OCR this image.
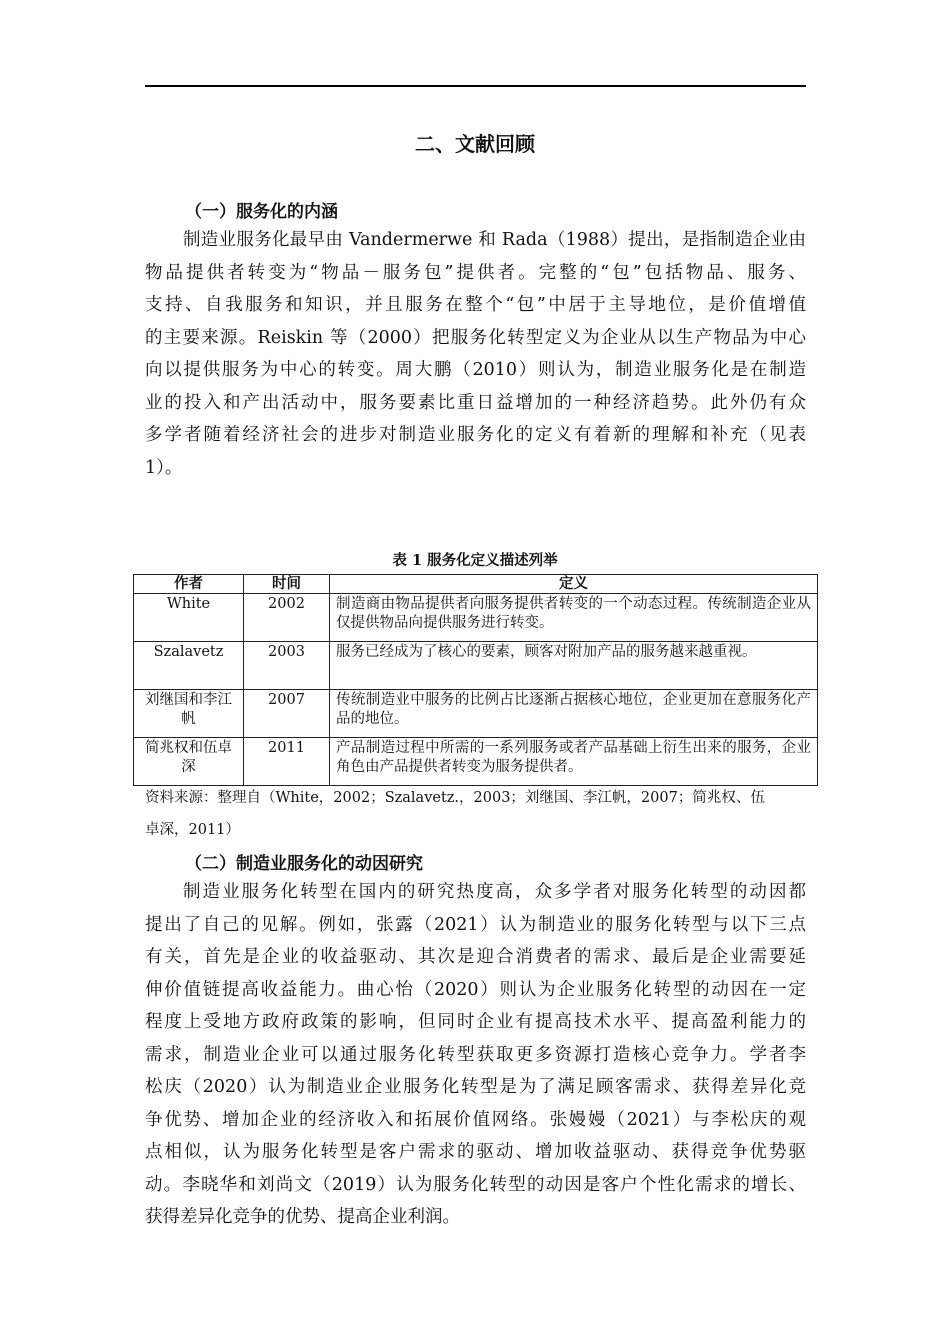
二、文献回顾
（一）服务化的内涵
制造业服务化最早由 Vandermerwe 和 Rada（1988）提出，是指制造企业由
物品提供者转变为“物品－服务包”提供者。完整的“包”包括物品、服务、
支持、自我服务和知识，并且服务在整个“包”中居于主导地位，是价值增值
的主要来源。Reiskin 等（2000）把服务化转型定义为企业从以生产物品为中心
向以提供服务为中心的转变。周大鹏（2010）则认为，制造业服务化是在制造
业的投入和产出活动中，服务要素比重日益增加的一种经济趋势。此外仍有众
多学者随着经济社会的进步对制造业服务化的定义有着新的理解和补充（见表
1）。
表 1 服务化定义描述列举
作者	时间	定义
White	2002	制造商由物品提供者向服务提供者转变的一个动态过程。传统制造企业从仅提供物品向提供服务进行转变。
Szalavetz	2003	服务已经成为了核心的要素，顾客对附加产品的服务越来越重视。
刘继国和李江帆	2007	传统制造业中服务的比例占比逐渐占据核心地位，企业更加在意服务化产品的地位。
简兆权和伍卓深	2011	产品制造过程中所需的一系列服务或者产品基础上衍生出来的服务，企业角色由产品提供者转变为服务提供者。
资料来源：整理自（White，2002；Szalavetz.，2003；刘继国、李江帆，2007；简兆权、伍
卓深，2011）
（二）制造业服务化的动因研究
制造业服务化转型在国内的研究热度高，众多学者对服务化转型的动因都
提出了自己的见解。例如，张露（2021）认为制造业的服务化转型与以下三点
有关，首先是企业的收益驱动、其次是迎合消费者的需求、最后是企业需要延
伸价值链提高收益能力。曲心怡（2020）则认为企业服务化转型的动因在一定
程度上受地方政府政策的影响，但同时企业有提高技术水平、提高盈利能力的
需求，制造业企业可以通过服务化转型获取更多资源打造核心竞争力。学者李
松庆（2020）认为制造业企业服务化转型是为了满足顾客需求、获得差异化竞
争优势、增加企业的经济收入和拓展价值网络。张嫚嫚（2021）与李松庆的观
点相似，认为服务化转型是客户需求的驱动、增加收益驱动、获得竞争优势驱
动。李晓华和刘尚文（2019）认为服务化转型的动因是客户个性化需求的增长、
获得差异化竞争的优势、提高企业利润。
